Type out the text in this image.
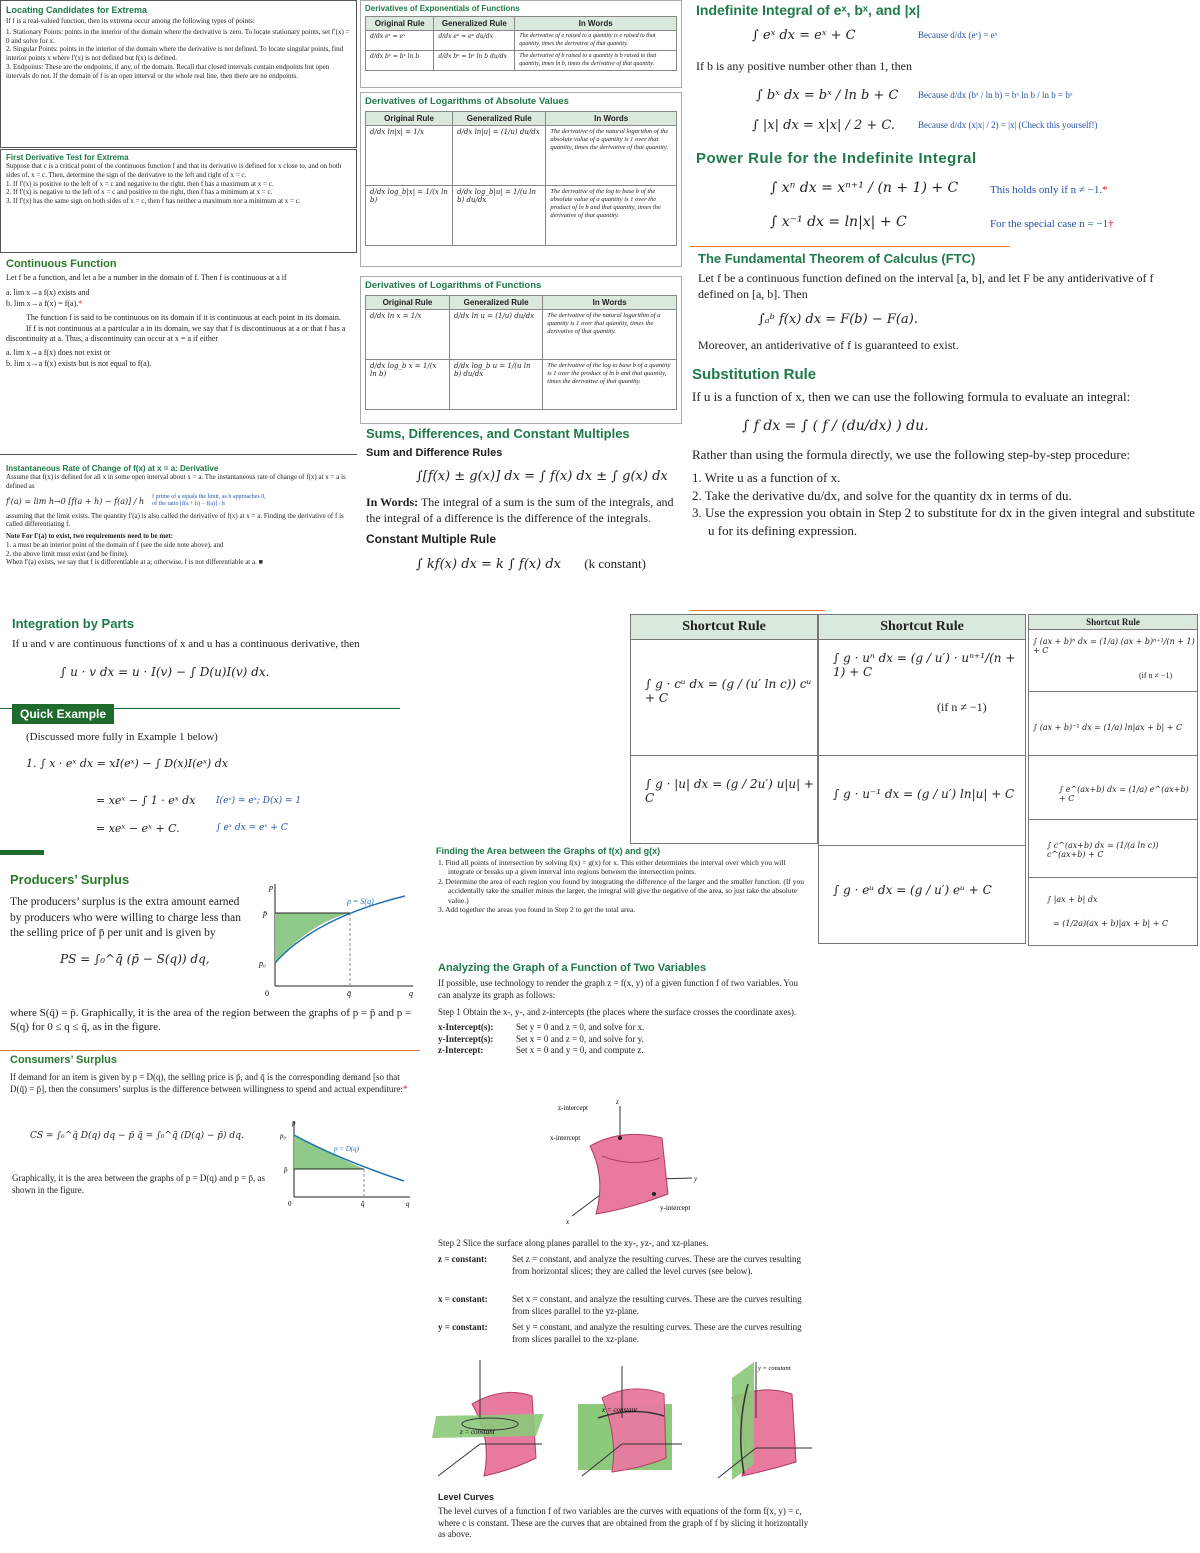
Locating Candidates for Extrema
If f is a real-valued function, then its extrema occur among the following types of points:
1. Stationary Points: points in the interior of the domain where the derivative is zero. To locate stationary points, set f′(x) = 0 and solve for x.
2. Singular Points: points in the interior of the domain where the derivative is not defined. To locate singular points, find interior points x where f′(x) is not defined but f(x) is defined.
3. Endpoints: These are the endpoints, if any, of the domain. Recall that closed intervals contain endpoints but open intervals do not. If the domain of f is an open interval or the whole real line, then there are no endpoints.
First Derivative Test for Extrema
Suppose that c is a critical point of the continuous function f and that its derivative is defined for x close to, and on both sides of, x = c. Then, determine the sign of the derivative to the left and right of x = c.
1. If f′(x) is positive to the left of x = c and negative to the right, then f has a maximum at x = c.
2. If f′(x) is negative to the left of x = c and positive to the right, then f has a minimum at x = c.
3. If f′(x) has the same sign on both sides of x = c, then f has neither a maximum nor a minimum at x = c.
Continuous Function
Let f be a function, and let a be a number in the domain of f. Then f is continuous at a if
a. lim x→a f(x) exists and
b. lim x→a f(x) = f(a).*
The function f is said to be continuous on its domain if it is continuous at each point in its domain.
If f is not continuous at a particular a in its domain, we say that f is discontinuous at a or that f has a discontinuity at a. Thus, a discontinuity can occur at x = a if either
a. lim x→a f(x) does not exist or
b. lim x→a f(x) exists but is not equal to f(a).
Instantaneous Rate of Change of f(x) at x = a: Derivative
Assume that f(x) is defined for all x in some open interval about x = a. The instantaneous rate of change of f(x) at x = a is defined as
f′(a) = lim h→0 [f(a + h) − f(a)] / h f prime of a equals the limit, as h approaches 0, of the ratio [f(a + h) − f(a)] / h
assuming that the limit exists. The quantity f′(a) is also called the derivative of f(x) at x = a. Finding the derivative of f is called differentiating f.
Note For f′(a) to exist, two requirements need to be met:
1. a must be an interior point of the domain of f (see the side note above), and
2. the above limit must exist (and be finite).
When f′(a) exists, we say that f is differentiable at a; otherwise, f is not differentiable at a. ■
Derivatives of Exponentials of Functions
Original Rule	Generalized Rule	In Words
d/dx eˣ = eˣ	d/dx eᵘ = eᵘ du/dx	The derivative of e raised to a quantity is e raised to that quantity, times the derivative of that quantity.
d/dx bˣ = bˣ ln b	d/dx bᵘ = bᵘ ln b du/dx	The derivative of b raised to a quantity is b raised to that quantity, times ln b, times the derivative of that quantity.
Derivatives of Logarithms of Absolute Values
Original Rule	Generalized Rule	In Words
d/dx ln|x| = 1/x	d/dx ln|u| = (1/u) du/dx	The derivative of the natural logarithm of the absolute value of a quantity is 1 over that quantity, times the derivative of that quantity.
d/dx log_b|x| = 1/(x ln b)	d/dx log_b|u| = 1/(u ln b) du/dx	The derivative of the log to base b of the absolute value of a quantity is 1 over the product of ln b and that quantity, times the derivative of that quantity.
Derivatives of Logarithms of Functions
Original Rule	Generalized Rule	In Words
d/dx ln x = 1/x	d/dx ln u = (1/u) du/dx	The derivative of the natural logarithm of a quantity is 1 over that quantity, times the derivative of that quantity.
d/dx log_b x = 1/(x ln b)	d/dx log_b u = 1/(u ln b) du/dx	The derivative of the log to base b of a quantity is 1 over the product of ln b and that quantity, times the derivative of that quantity.
Sums, Differences, and Constant Multiples
Sum and Difference Rules
∫[f(x) ± g(x)] dx = ∫ f(x) dx ± ∫ g(x) dx
In Words: The integral of a sum is the sum of the integrals, and the integral of a difference is the difference of the integrals.
Constant Multiple Rule
∫ kf(x) dx = k ∫ f(x) dx (k constant)
Indefinite Integral of eˣ, bˣ, and |x|
∫ eˣ dx = eˣ + C	Because d/dx (eˣ) = eˣ
If b is any positive number other than 1, then
∫ bˣ dx = bˣ / ln b + C Because d/dx (bˣ / ln b) = bˣ ln b / ln b = bˣ
∫ |x| dx = x|x| / 2 + C.	Because d/dx (x|x| / 2) = |x| (Check this yourself!)
Power Rule for the Indefinite Integral
∫ xⁿ dx = xⁿ⁺¹ / (n + 1) + C	This holds only if n ≠ −1.*
∫ x⁻¹ dx = ln|x| + C	For the special case n = −1†
The Fundamental Theorem of Calculus (FTC)
Let f be a continuous function defined on the interval [a, b], and let F be any antiderivative of f defined on [a, b]. Then
∫ₐᵇ f(x) dx = F(b) − F(a).
Moreover, an antiderivative of f is guaranteed to exist.
Substitution Rule
If u is a function of x, then we can use the following formula to evaluate an integral:
∫ f dx = ∫ ( f / (du/dx) ) du.
Rather than using the formula directly, we use the following step-by-step procedure:
1. Write u as a function of x.
2. Take the derivative du/dx, and solve for the quantity dx in terms of du.
3. Use the expression you obtain in Step 2 to substitute for dx in the given integral and substitute u for its defining expression.
Integration by Parts
If u and v are continuous functions of x and u has a continuous derivative, then
∫ u · v dx = u · I(v) − ∫ D(u)I(v) dx.
Quick Example
(Discussed more fully in Example 1 below)
1. ∫ x · eˣ dx = xI(eˣ) − ∫ D(x)I(eˣ) dx
= xeˣ − ∫ 1 · eˣ dx I(eˣ) = eˣ; D(x) = 1
= xeˣ − eˣ + C.	∫ eˣ dx = eˣ + C
Shortcut Rule
∫ g · cᵘ dx = (g / (u′ ln c)) cᵘ + C
∫ g · |u| dx = (g / 2u′) u|u| + C
Shortcut Rule
∫ g · uⁿ dx = (g / u′) · uⁿ⁺¹/(n + 1) + C
(if n ≠ −1)
∫ g · u⁻¹ dx = (g / u′) ln|u| + C
∫ g · eᵘ dx = (g / u′) eᵘ + C
Shortcut Rule
∫ (ax + b)ⁿ dx = (1/a) (ax + b)ⁿ⁺¹/(n + 1) + C
(if n ≠ −1)
∫ (ax + b)⁻¹ dx = (1/a) ln|ax + b| + C
∫ e^(ax+b) dx = (1/a) e^(ax+b) + C
∫ c^(ax+b) dx = (1/(a ln c)) c^(ax+b) + C
∫ |ax + b| dx
= (1/2a)(ax + b)|ax + b| + C
Producers’ Surplus
The producers’ surplus is the extra amount earned by producers who were willing to charge less than the selling price of p̄ per unit and is given by
PS = ∫₀^q̄ (p̄ − S(q)) dq,
where S(q̄) = p̄. Graphically, it is the area of the region between the graphs of p = p̄ and p = S(q) for 0 ≤ q ≤ q̄, as in the figure.
p
p̄
p₀
0	q̄	q
p = S(q)
Consumers’ Surplus
If demand for an item is given by p = D(q), the selling price is p̄, and q̄ is the corresponding demand [so that D(q̄) = p̄], then the consumers’ surplus is the difference between willingness to spend and actual expenditure:*
CS = ∫₀^q̄ D(q) dq − p̄ q̄ = ∫₀^q̄ (D(q) − p̄) dq.
Graphically, it is the area between the graphs of p = D(q) and p = p̄, as shown in the figure.
p
p̄
p₀
0	q̄	q
p = D(q)
Finding the Area between the Graphs of f(x) and g(x)
1. Find all points of intersection by solving f(x) = g(x) for x. This either determines the interval over which you will integrate or breaks up a given interval into regions between the intersection points.
2. Determine the area of each region you found by integrating the difference of the larger and the smaller function. (If you accidentally take the smaller minus the larger, the integral will give the negative of the area, so just take the absolute value.)
3. Add together the areas you found in Step 2 to get the total area.
Analyzing the Graph of a Function of Two Variables
If possible, use technology to render the graph z = f(x, y) of a given function f of two variables. You can analyze its graph as follows:
Step 1 Obtain the x-, y-, and z-intercepts (the places where the surface crosses the coordinate axes).
x-Intercept(s):	Set y = 0 and z = 0, and solve for x.
y-Intercept(s):	Set x = 0 and z = 0, and solve for y.
z-Intercept:	Set x = 0 and y = 0, and compute z.
z
z-intercept
x-intercept
y-intercept
y
x
Step 2 Slice the surface along planes parallel to the xy-, yz-, and xz-planes.
z = constant:	Set z = constant, and analyze the resulting curves. These are the curves resulting from horizontal slices; they are called the level curves (see below).
x = constant:	Set x = constant, and analyze the resulting curves. These are the curves resulting from slices parallel to the yz-plane.
y = constant:	Set y = constant, and analyze the resulting curves. These are the curves resulting from slices parallel to the xz-plane.
z = constant
x = constant
y = constant
Level Curves
The level curves of a function f of two variables are the curves with equations of the form f(x, y) = c, where c is constant. These are the curves that are obtained from the graph of f by slicing it horizontally as above.
